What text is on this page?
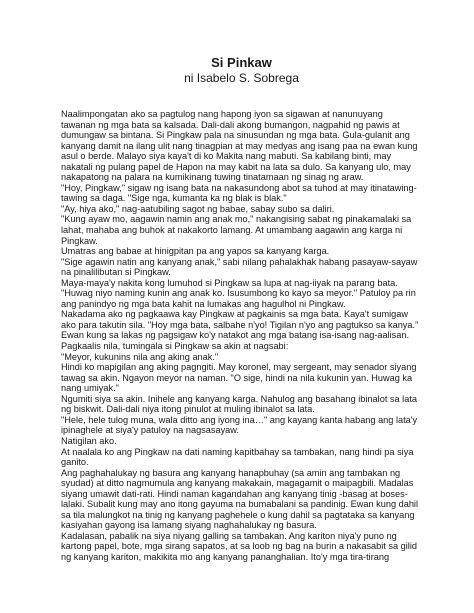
Si Pinkaw

ni Isabelo S. Sobrega

Naalimpongatan ako sa pagtulog nang hapong iyon sa sigawan at nanunuyang
tawanan ng mga bata sa kalsada. Dali-dali akong bumangon, nagpahid ng pawis at
dumungaw sa bintana. Si Pingkaw pala na sinusundan ng mga bata. Gula-gulanit ang
kanyang damit na ilang ulit nang tinagpian at may medyas ang isang paa na ewan kung
asul o berde. Malayo siya kaya't di ko Makita nang mabuti. Sa kabilang binti, may
nakatali ng pulang papel de Hapon na may kabit na lata sa dulo. Sa kanyang ulo, may
nakapatong na palara na kumikinang tuwing tinatamaan ng sinag ng araw.

"Hoy, Pingkaw," sigaw ng isang bata na nakasundong abot sa tuhod at may itinatawing-
tawing sa daga. "Sige nga, kumanta ka ng blak is blak."

"Ay, hiya ako," nag-aatubiling sagot ng babae, sabay subo sa daliri.

"Kung ayaw mo, aagawin namin ang anak mo," nakangising sabat ng pinakamalaki sa
lahat, mahaba ang buhok at nakakorto lamang. At umambang aagawin ang karga ni
Pingkaw.

Umatras ang babae at hinigpitan pa ang yapos sa kanyang karga.

"Sige agawin natin ang kanyang anak," sabi nilang pahalakhak habang pasayaw-sayaw
na pinalilibutan si Pingkaw.

Maya-maya'y nakita kong lumuhod si Pingkaw sa lupa at nag-iiyak na parang bata.

"Huwag niyo naming kunin ang anak ko. Isusumbong ko kayo sa meyor." Patuloy pa rin
ang panindyo ng mga bata kahit na lumakas ang hagulhol ni Pingkaw.

Nakadama ako ng pagkaawa kay Pingkaw at pagkainis sa mga bata. Kaya't sumigaw
ako para takutin sila. "Hoy mga bata, salbahe n'yo! Tigilan n'yo ang pagtukso sa kanya."
Ewan kung sa lakas ng pagsigaw ko'y natakot ang mga batang isa-isang nag-aalisan.
Pagkaalis nila, tumingala si Pingkaw sa akin at nagsabi:

"Meyor, kukunins nila ang aking anak."

Hindi ko mapigilan ang aking pagngiti. May koronel, may sergeant, may senador siyang
tawag sa akin. Ngayon meyor na naman. "O sige, hindi na nila kukunin yan. Huwag ka
nang umiyak."

Ngumiti siya sa akin. Inihele ang kanyang karga. Nahulog ang basahang ibinalot sa lata
ng biskwit. Dali-dali niya itong pinulot at muling ibinalot sa lata.

"Hele, hele tulog muna, wala ditto ang iyong ina…" ang kayang kanta habang ang lata'y
ipinaghele at siya'y patuloy na nagsasayaw.

Natigilan ako.

At naalala ko ang Pingkaw na dati naming kapitbahay sa tambakan, nang hindi pa siya
ganito.

Ang paghahalukay ng basura ang kanyang hanapbuhay (sa amin ang tambakan ng
syudad) at ditto nagmumula ang kanyang makakain, magagamit o maipagbili. Madalas
siyang umawit dati-rati. Hindi naman kagandahan ang kanyang tinig -basag at boses-
lalaki. Subalit kung may ano itong gayuma na bumabalani sa pandinig. Ewan kung dahil
sa tila malungkot na tinig ng kanyang paghehele o kung dahil sa pagtataka sa kanyang
kasiyahan gayong isa lamang siyang naghahalukay ng basura.

Kadalasan, pabalik na siya niyang galling sa tambakan. Ang kariton niya'y puno ng
kartong papel, bote, mga sirang sapatos, at sa loob ng bag na burin a nakasabit sa gilid
ng kanyang kariton, makikita mo ang kanyang pananghalian. Ito'y mga tira-tirang
